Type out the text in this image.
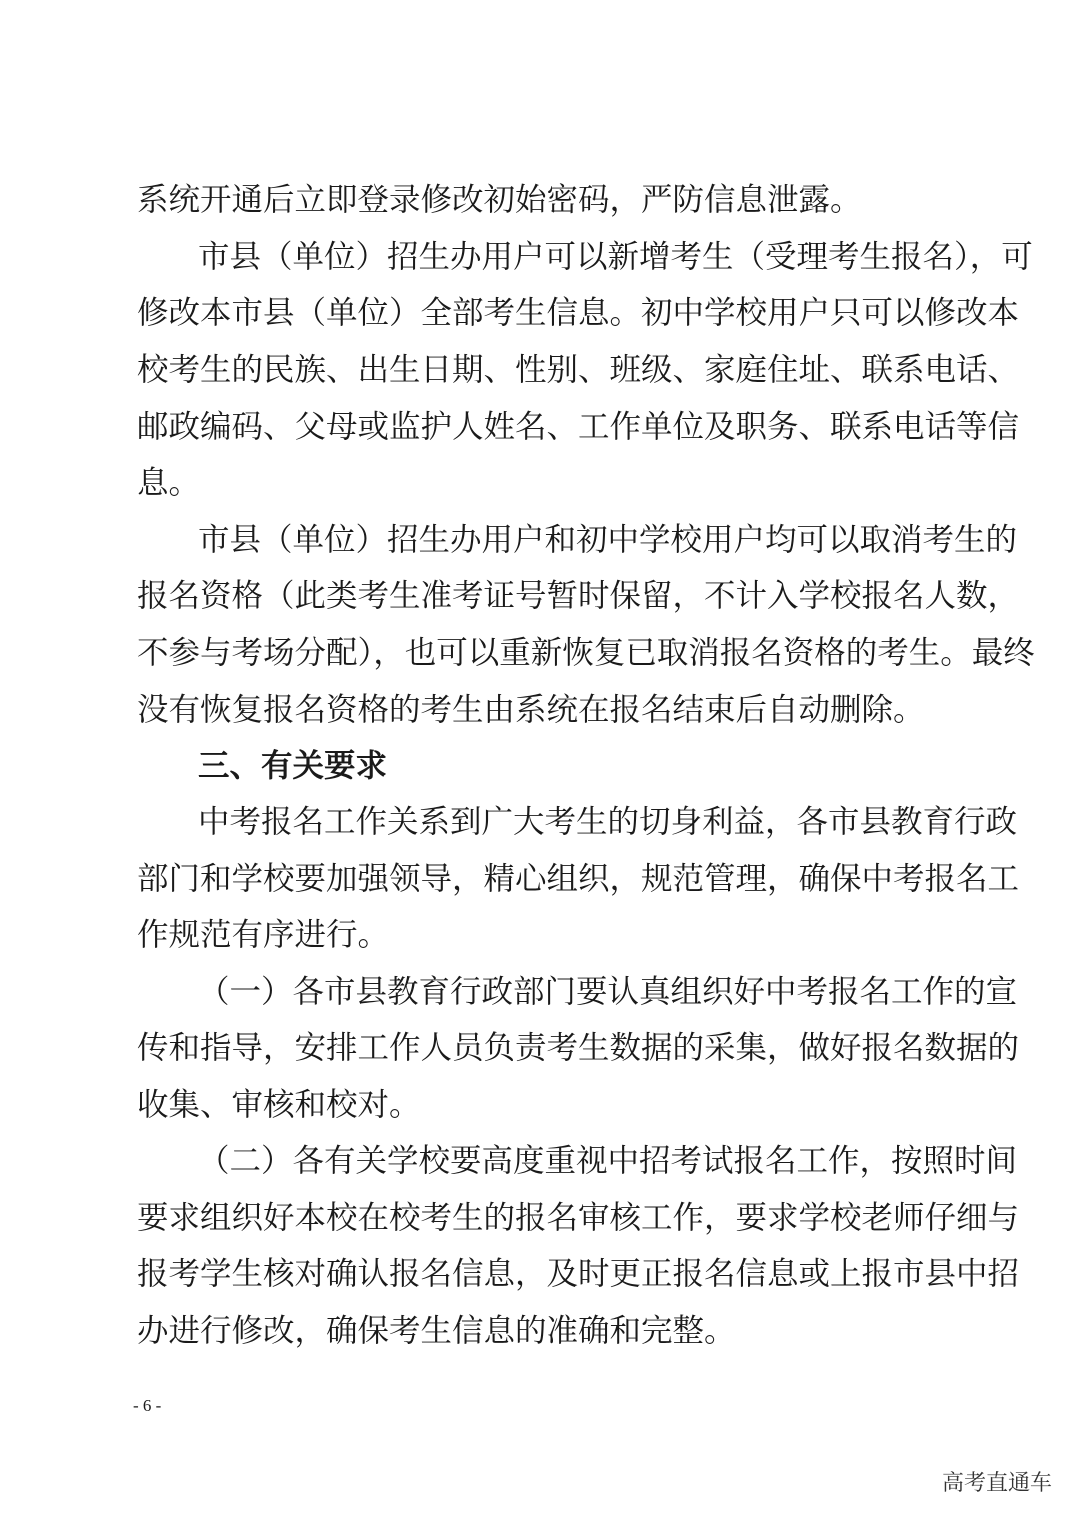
系统开通后立即登录修改初始密码，严防信息泄露。
市县（单位）招生办用户可以新增考生（受理考生报名），可
修改本市县（单位）全部考生信息。初中学校用户只可以修改本
校考生的民族、出生日期、性别、班级、家庭住址、联系电话、
邮政编码、父母或监护人姓名、工作单位及职务、联系电话等信
息。
市县（单位）招生办用户和初中学校用户均可以取消考生的
报名资格（此类考生准考证号暂时保留，不计入学校报名人数，
不参与考场分配），也可以重新恢复已取消报名资格的考生。最终
没有恢复报名资格的考生由系统在报名结束后自动删除。
三、有关要求
中考报名工作关系到广大考生的切身利益，各市县教育行政
部门和学校要加强领导，精心组织，规范管理，确保中考报名工
作规范有序进行。
（一）各市县教育行政部门要认真组织好中考报名工作的宣
传和指导，安排工作人员负责考生数据的采集，做好报名数据的
收集、审核和校对。
（二）各有关学校要高度重视中招考试报名工作，按照时间
要求组织好本校在校考生的报名审核工作，要求学校老师仔细与
报考学生核对确认报名信息，及时更正报名信息或上报市县中招
办进行修改，确保考生信息的准确和完整。
- 6 -
高考直通车
